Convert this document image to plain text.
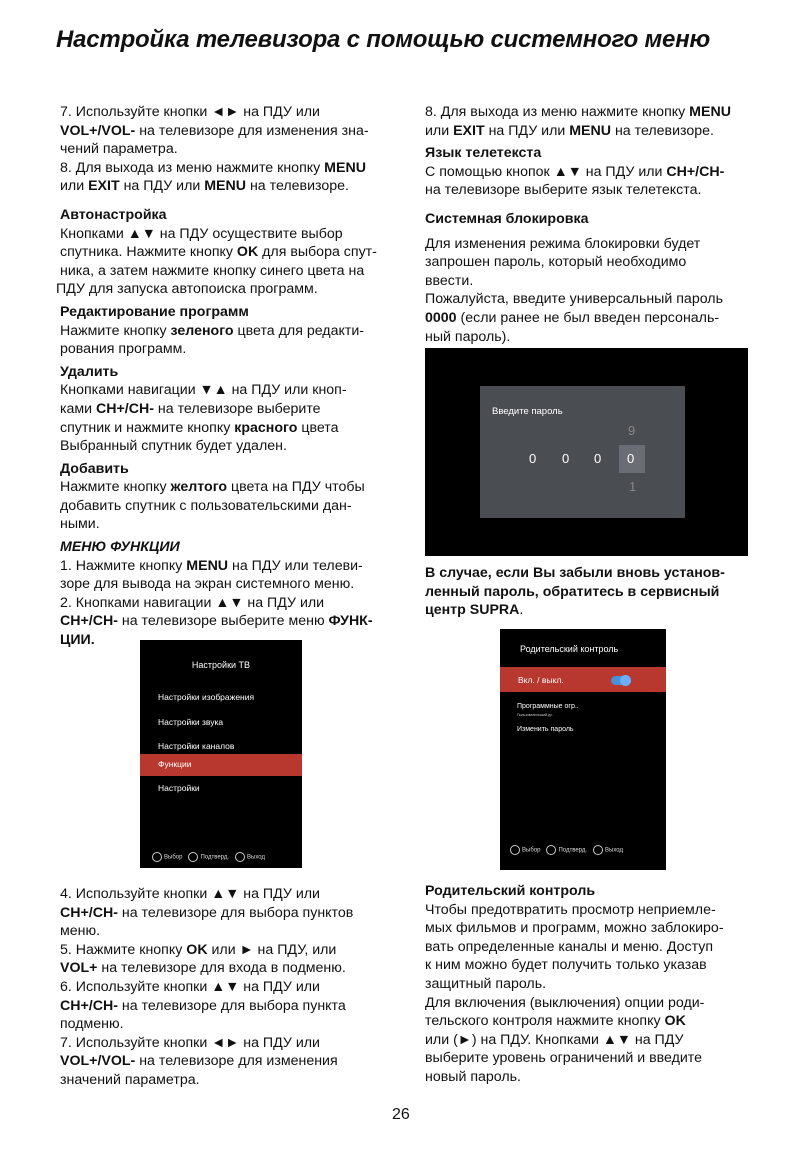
Настройка телевизора с помощью системного меню

7. Используйте кнопки ◄► на ПДУ или

VOL+/VOL- на телевизоре для изменения зна-

чений параметра.

8. Для выхода из меню нажмите кнопку MENU

или EXIT на ПДУ или MENU на телевизоре.

Автонастройка

Кнопками ▲▼ на ПДУ осуществите выбор

спутника. Нажмите кнопку OK для выбора спут-

ника, а затем нажмите кнопку синего цвета на

ПДУ для запуска автопоиска программ.

Редактирование программ

Нажмите кнопку зеленого цвета для редакти-

рования программ.

Удалить

Кнопками навигации ▼▲ на ПДУ или кноп-

ками CH+/CH- на телевизоре выберите

спутник и нажмите кнопку красного цвета

Выбранный спутник будет удален.

Добавить

Нажмите кнопку желтого цвета на ПДУ чтобы

добавить спутник с пользовательскими дан-

ными.

МЕНЮ ФУНКЦИИ

1. Нажмите кнопку MENU на ПДУ или телеви-

зоре для вывода на экран системного меню.

2. Кнопками навигации ▲▼ на ПДУ или

CH+/CH- на телевизоре выберите меню ФУНК-

ЦИИ.

Настройки ТВ
Настройки изображения
Настройки звука
Настройки каналов
Функции
Настройки
Выбор	Подтверд.	Выход

4. Используйте кнопки ▲▼ на ПДУ или

CH+/CH- на телевизоре для выбора пунктов

меню.

5. Нажмите кнопку OK или ► на ПДУ, или

VOL+ на телевизоре для входа в подменю.

6. Используйте кнопки ▲▼ на ПДУ или

CH+/CH- на телевизоре для выбора пункта

подменю.

7. Используйте кнопки ◄► на ПДУ или

VOL+/VOL- на телевизоре для изменения

значений параметра.

8. Для выхода из меню нажмите кнопку MENU

или EXIT на ПДУ или MENU на телевизоре.

Язык телетекста

С помощью кнопок ▲▼ на ПДУ или CH+/CH-

на телевизоре выберите язык телетекста.

Системная блокировка

Для изменения режима блокировки будет

запрошен пароль, который необходимо

ввести.

Пожалуйста, введите универсальный пароль

0000 (если ранее не был введен персональ-

ный пароль).

Введите пароль
9
0 0 0 0
1

В случае, если Вы забыли вновь установ-

ленный пароль, обратитесь в сервисный

центр SUPRA.

Родительский контроль
Вкл. / выкл.
Программные огр..
Пользовательский ур..
Изменить пароль
Выбор	Подтверд.	Выход

Родительский контроль

Чтобы предотвратить просмотр неприемле-

мых фильмов и программ, можно заблокиро-

вать определенные каналы и меню. Доступ

к ним можно будет получить только указав

защитный пароль.

Для включения (выключения) опции роди-

тельского контроля нажмите кнопку OK

или (►) на ПДУ. Кнопками ▲▼ на ПДУ

выберите уровень ограничений и введите

новый пароль.

26
